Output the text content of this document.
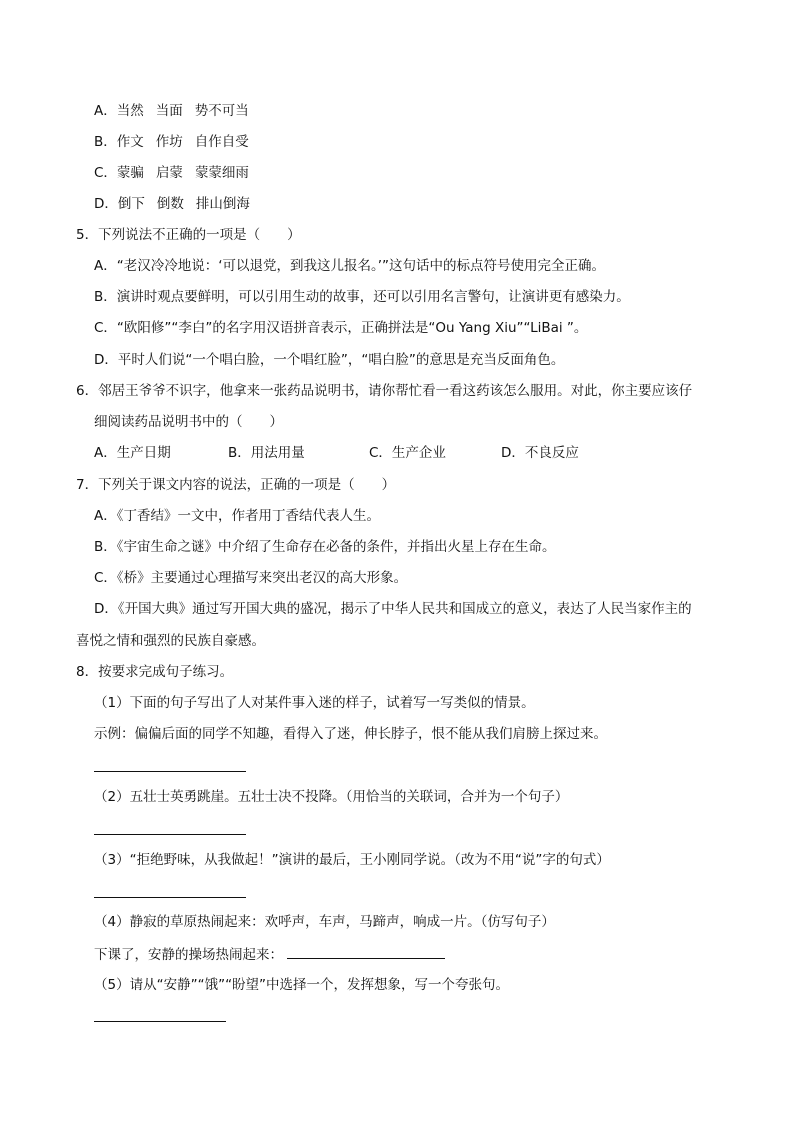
A．当然 当面 势不可当
B．作文 作坊 自作自受
C．蒙骗 启蒙 蒙蒙细雨
D．倒下 倒数 排山倒海
5．下列说法不正确的一项是（　　）
A．“老汉冷冷地说：‘可以退党，到我这儿报名。’”这句话中的标点符号使用完全正确。
B．演讲时观点要鲜明，可以引用生动的故事，还可以引用名言警句，让演讲更有感染力。
C．“欧阳修”“李白”的名字用汉语拼音表示，正确拼法是“Ou Yang Xiu”“LiBai ”。
D．平时人们说“一个唱白脸，一个唱红脸”，“唱白脸”的意思是充当反面角色。
6．邻居王爷爷不识字，他拿来一张药品说明书，请你帮忙看一看这药该怎么服用。对此，你主要应该仔
细阅读药品说明书中的（　　）
A．生产日期	B．用法用量	C．生产企业	D．不良反应
7．下列关于课文内容的说法，正确的一项是（　　）
A．《丁香结》一文中，作者用丁香结代表人生。
B．《宇宙生命之谜》中介绍了生命存在必备的条件，并指出火星上存在生命。
C．《桥》主要通过心理描写来突出老汉的高大形象。
D．《开国大典》通过写开国大典的盛况，揭示了中华人民共和国成立的意义，表达了人民当家作主的
喜悦之情和强烈的民族自豪感。
8．按要求完成句子练习。
（1）下面的句子写出了人对某件事入迷的样子，试着写一写类似的情景。
示例：偏偏后面的同学不知趣，看得入了迷，伸长脖子，恨不能从我们肩膀上探过来。
（2）五壮士英勇跳崖。五壮士决不投降。（用恰当的关联词，合并为一个句子）
（3）“拒绝野味，从我做起！”演讲的最后，王小刚同学说。（改为不用“说”字的句式）
（4）静寂的草原热闹起来：欢呼声，车声，马蹄声，响成一片。（仿写句子）
下课了，安静的操场热闹起来：
（5）请从“安静”“饿”“盼望”中选择一个，发挥想象，写一个夸张句。
